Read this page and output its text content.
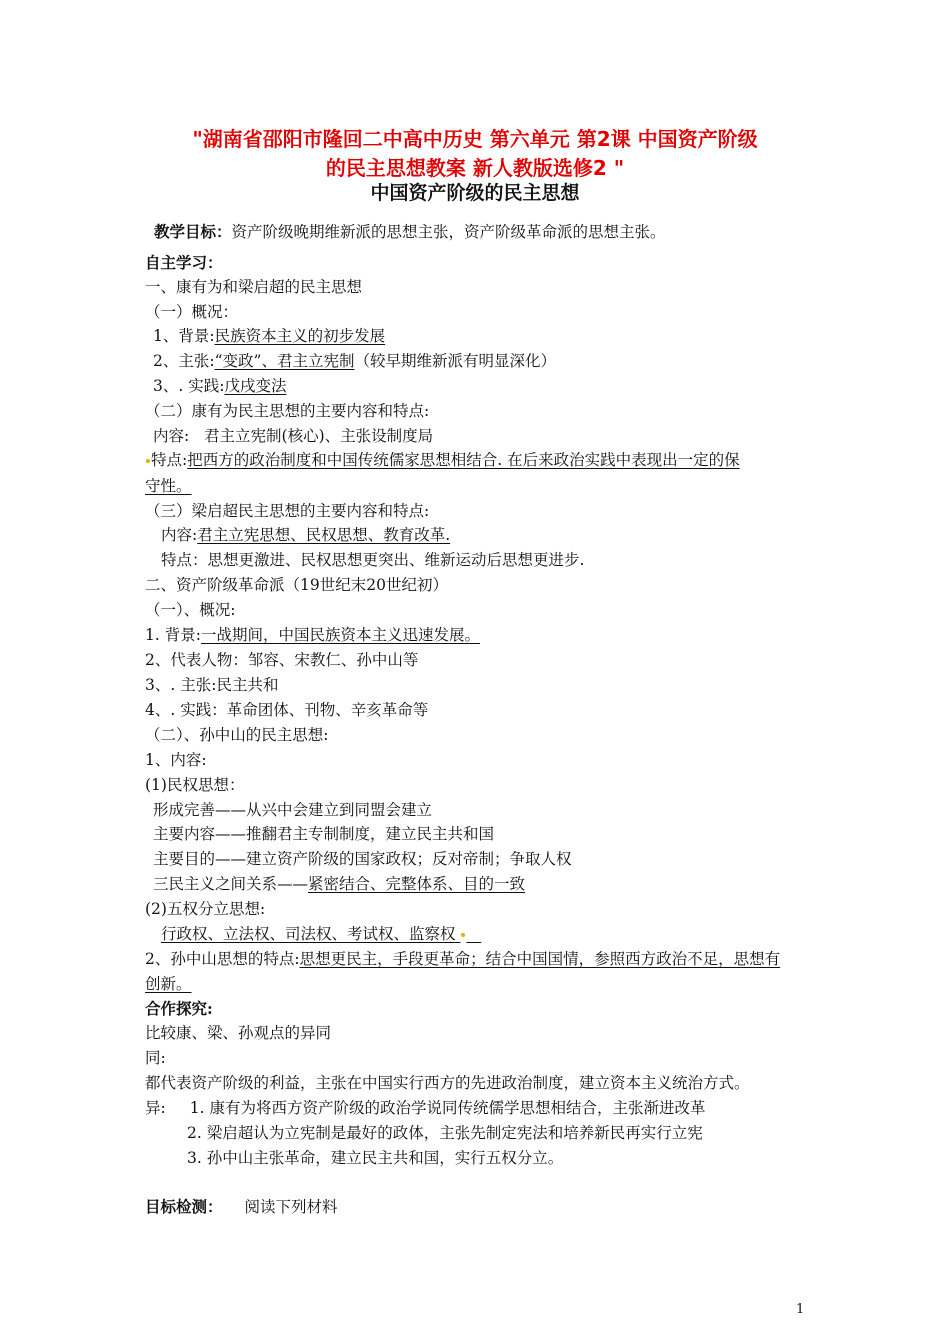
"湖南省邵阳市隆回二中高中历史 第六单元 第2课 中国资产阶级
的民主思想教案 新人教版选修2 "
中国资产阶级的民主思想
教学目标：资产阶级晚期维新派的思想主张，资产阶级革命派的思想主张。
自主学习：
一、康有为和梁启超的民主思想
（一）概况：
1、背景:民族资本主义的初步发展
2、主张:“变政”、君主立宪制（较早期维新派有明显深化）
3、. 实践:戊戌变法
（二）康有为民主思想的主要内容和特点:
内容: 君主立宪制(核心)、主张设制度局
特点:把西方的政治制度和中国传统儒家思想相结合. 在后来政治实践中表现出一定的保
守性。
（三）梁启超民主思想的主要内容和特点:
内容:君主立宪思想、民权思想、教育改革.
特点：思想更激进、民权思想更突出、维新运动后思想更进步.
二、资产阶级革命派（19世纪末20世纪初）
（一）、概况:
1. 背景:一战期间，中国民族资本主义迅速发展。
2、代表人物：邹容、宋教仁、孙中山等
3、. 主张:民主共和
4、. 实践：革命团体、刊物、辛亥革命等
（二）、孙中山的民主思想:
1、内容:
(1)民权思想：
形成完善——从兴中会建立到同盟会建立
主要内容——推翻君主专制制度，建立民主共和国
主要目的——建立资产阶级的国家政权；反对帝制；争取人权
三民主义之间关系——紧密结合、完整体系、目的一致
(2)五权分立思想:
行政权、立法权、司法权、考试权、监察权
2、孙中山思想的特点:思想更民主，手段更革命；结合中国国情，参照西方政治不足，思想有
创新。
合作探究:
比较康、梁、孙观点的异同
同:
都代表资产阶级的利益，主张在中国实行西方的先进政治制度，建立资本主义统治方式。
异: 1. 康有为将西方资产阶级的政治学说同传统儒学思想相结合，主张渐进改革
2. 梁启超认为立宪制是最好的政体，主张先制定宪法和培养新民再实行立宪
3. 孙中山主张革命，建立民主共和国，实行五权分立。
目标检测： 阅读下列材料
1
